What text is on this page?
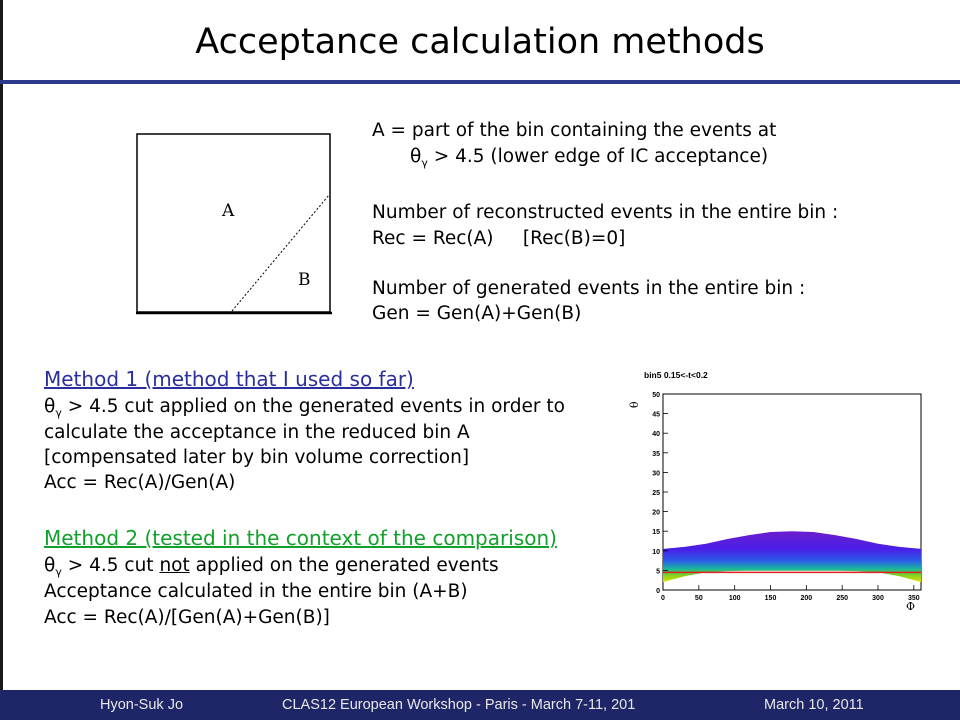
Acceptance calculation methods
A
B
A = part of the bin containing the events at
$\theta_\gamma > 4.5$ (lower edge of IC acceptance)
Number of reconstructed events in the entire bin :
Rec = Rec(A)     [Rec(B)=0]
Number of generated events in the entire bin :
Gen = Gen(A)+Gen(B)
Method 1 (method that I used so far)
$\theta_\gamma > 4.5$ cut applied on the generated events in order to
calculate the acceptance in the reduced bin A
[compensated later by bin volume correction]
Acc = Rec(A)/Gen(A)
Method 2 (tested in the context of the comparison)
$\theta_\gamma > 4.5$ cut not applied on the generated events
Acceptance calculated in the entire bin (A+B)
Acc = Rec(A)/[Gen(A)+Gen(B)]
bin5 0.15<-t<0.2
0
5
10
15
20
25
30
35
40
45
50
0	50	100	150	200	250	300	350
θ
Φ
Hyon-Suk Jo	CLAS12 European Workshop - Paris - March 7-11, 201	March 10, 2011
